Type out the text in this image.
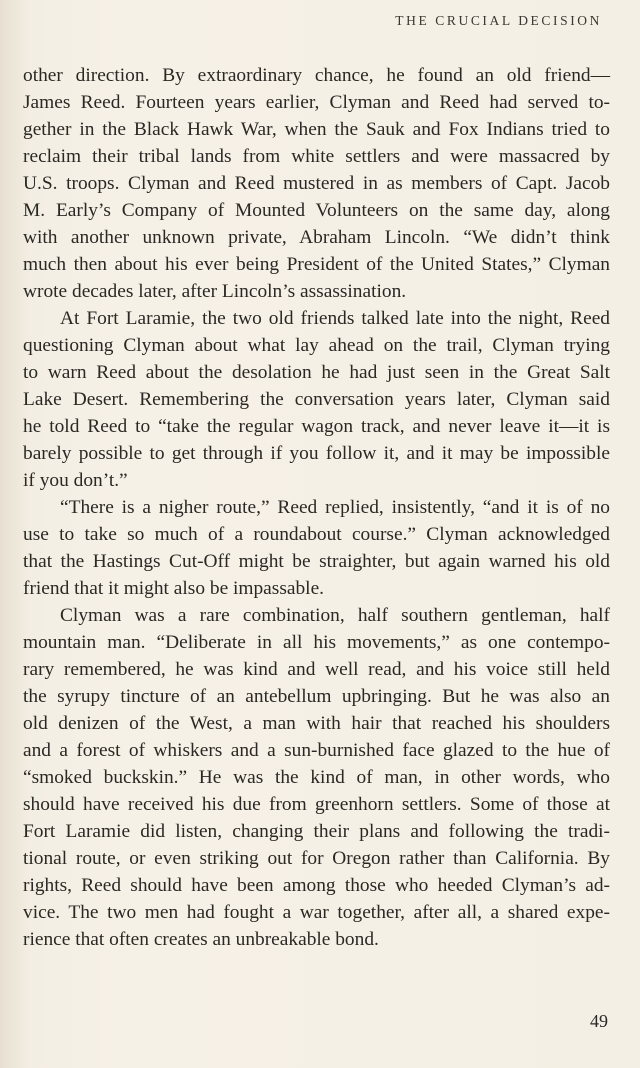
THE CRUCIAL DECISION
other direction. By extraordinary chance, he found an old friend—
James Reed. Fourteen years earlier, Clyman and Reed had served to-
gether in the Black Hawk War, when the Sauk and Fox Indians tried to
reclaim their tribal lands from white settlers and were massacred by
U.S. troops. Clyman and Reed mustered in as members of Capt. Jacob
M. Early’s Company of Mounted Volunteers on the same day, along
with another unknown private, Abraham Lincoln. “We didn’t think
much then about his ever being President of the United States,” Clyman
wrote decades later, after Lincoln’s assassination.
At Fort Laramie, the two old friends talked late into the night, Reed
questioning Clyman about what lay ahead on the trail, Clyman trying
to warn Reed about the desolation he had just seen in the Great Salt
Lake Desert. Remembering the conversation years later, Clyman said
he told Reed to “take the regular wagon track, and never leave it—it is
barely possible to get through if you follow it, and it may be impossible
if you don’t.”
“There is a nigher route,” Reed replied, insistently, “and it is of no
use to take so much of a roundabout course.” Clyman acknowledged
that the Hastings Cut-Off might be straighter, but again warned his old
friend that it might also be impassable.
Clyman was a rare combination, half southern gentleman, half
mountain man. “Deliberate in all his movements,” as one contempo-
rary remembered, he was kind and well read, and his voice still held
the syrupy tincture of an antebellum upbringing. But he was also an
old denizen of the West, a man with hair that reached his shoulders
and a forest of whiskers and a sun-burnished face glazed to the hue of
“smoked buckskin.” He was the kind of man, in other words, who
should have received his due from greenhorn settlers. Some of those at
Fort Laramie did listen, changing their plans and following the tradi-
tional route, or even striking out for Oregon rather than California. By
rights, Reed should have been among those who heeded Clyman’s ad-
vice. The two men had fought a war together, after all, a shared expe-
rience that often creates an unbreakable bond.
49
